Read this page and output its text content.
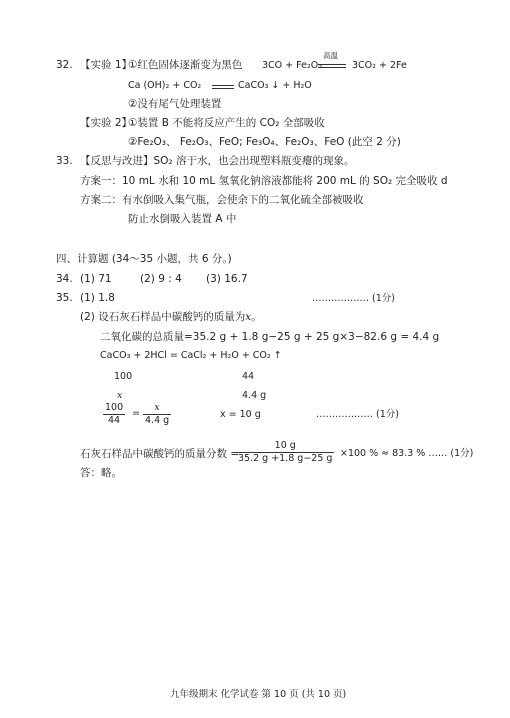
32. 【实验 1】
①红色固体逐渐变为黑色 3CO + Fe₂O₃
高温
3CO₂ + 2Fe
Ca (OH)₂ + CO₂	CaCO₃ ↓ + H₂O
②没有尾气处理装置
【实验 2】
①装置 B 不能将反应产生的 CO₂ 全部吸收
②Fe₂O₃、 Fe₂O₃、FeO; Fe₃O₄、Fe₂O₃、FeO (此空 2 分)
33. 【反思与改进】SO₂ 溶于水，也会出现塑料瓶变瘪的现象。
方案一：10 mL 水和 10 mL 氢氧化钠溶液都能将 200 mL 的 SO₂ 完全吸收 d
方案二：有水倒吸入集气瓶，会使余下的二氧化硫全部被吸收
防止水倒吸入装置 A 中
四、计算题 (34～35 小题，共 6 分。)
34. (1) 71	(2) 9 : 4 (3) 16.7
35. (1) 1.8	……………… (1分)
(2) 设石灰石样品中碳酸钙的质量为x。
二氧化碳的总质量=35.2 g + 1.8 g−25 g + 25 g×3−82.6 g = 4.4 g
CaCO₃ + 2HCl = CaCl₂ + H₂O + CO₂ ↑
100	44
x	4.4 g
$\frac{100}{44} = \frac{x}{4.4 g}$	x = 10 g	……………… (1分)
石灰石样品中碳酸钙的质量分数 =
$\frac{10 g}{35.2 g +1.8 g-25 g} \times 100$ % ≈ 83.3 % …… (1分)
答：略。
九年级期末 化学试卷 第 10 页 (共 10 页)
